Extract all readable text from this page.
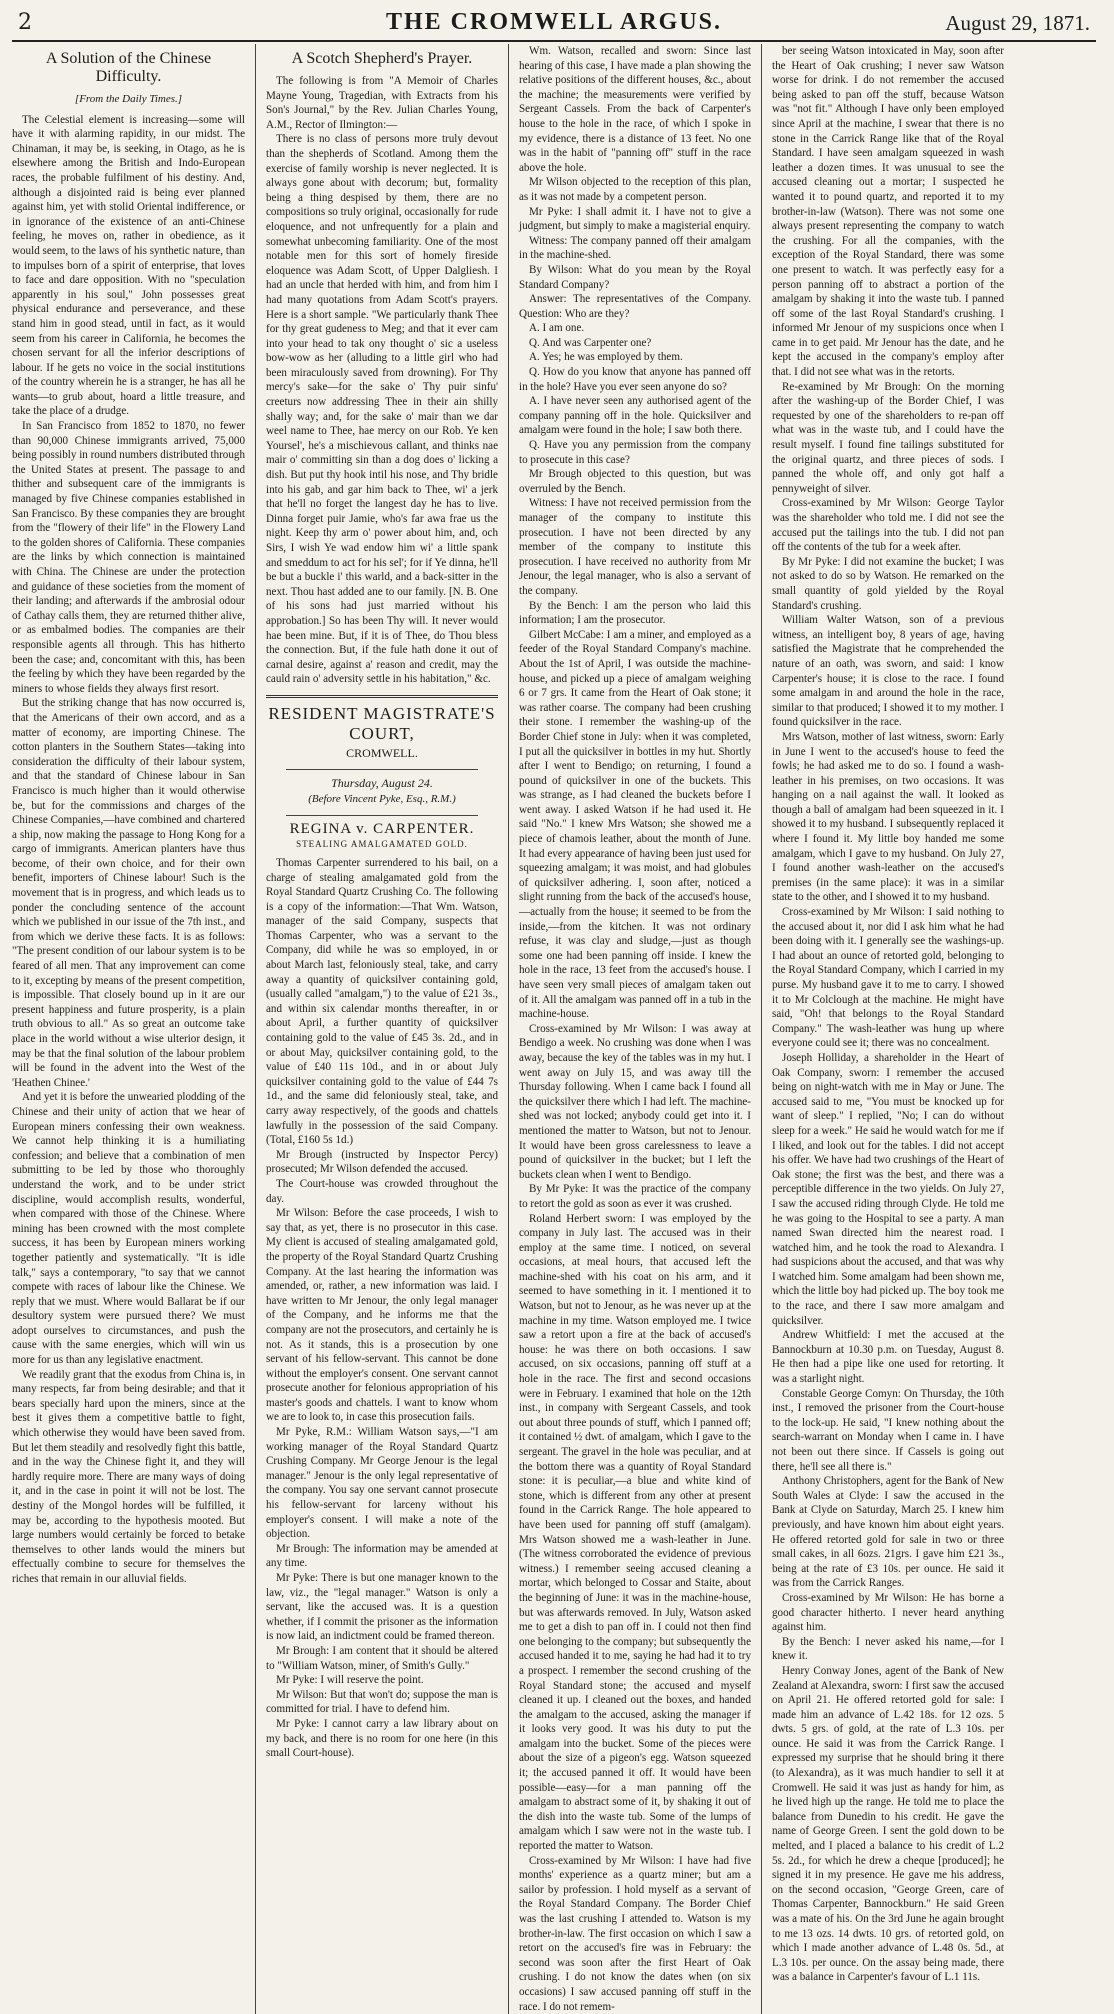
2	THE CROMWELL ARGUS.	August 29, 1871.
A Solution of the Chinese Difficulty.
[From the Daily Times.]

The Celestial element is increasing—some will have it with alarming rapidity, in our midst. The Chinaman, it may be, is seeking, in Otago, as he is elsewhere among the British and Indo-European races, the probable fulfilment of his destiny. And, although a disjointed raid is being ever planned against him, yet with stolid Oriental indifference, or in ignorance of the existence of an anti-Chinese feeling, he moves on, rather in obedience, as it would seem, to the laws of his synthetic nature, than to impulses born of a spirit of enterprise, that loves to face and dare opposition. With no "speculation apparently in his soul," John possesses great physical endurance and perseverance, and these stand him in good stead, until in fact, as it would seem from his career in California, he becomes the chosen servant for all the inferior descriptions of labour. If he gets no voice in the social institutions of the country wherein he is a stranger, he has all he wants—to grub about, hoard a little treasure, and take the place of a drudge.

In San Francisco from 1852 to 1870, no fewer than 90,000 Chinese immigrants arrived, 75,000 being possibly in round numbers distributed through the United States at present. The passage to and thither and subsequent care of the immigrants is managed by five Chinese companies established in San Francisco. By these companies they are brought from the "flowery of their life" in the Flowery Land to the golden shores of California. These companies are the links by which connection is maintained with China. The Chinese are under the protection and guidance of these societies from the moment of their landing; and afterwards if the ambrosial odour of Cathay calls them, they are returned thither alive, or as embalmed bodies. The companies are their responsible agents all through. This has hitherto been the case; and, concomitant with this, has been the feeling by which they have been regarded by the miners to whose fields they always first resort.

But the striking change that has now occurred is, that the Americans of their own accord, and as a matter of economy, are importing Chinese. The cotton planters in the Southern States—taking into consideration the difficulty of their labour system, and that the standard of Chinese labour in San Francisco is much higher than it would otherwise be, but for the commissions and charges of the Chinese Companies,—have combined and chartered a ship, now making the passage to Hong Kong for a cargo of immigrants. American planters have thus become, of their own choice, and for their own benefit, importers of Chinese labour! Such is the movement that is in progress, and which leads us to ponder the concluding sentence of the account which we published in our issue of the 7th inst., and from which we derive these facts. It is as follows: "The present condition of our labour system is to be feared of all men. That any improvement can come to it, excepting by means of the present competition, is impossible. That closely bound up in it are our present happiness and future prosperity, is a plain truth obvious to all." As so great an outcome take place in the world without a wise ulterior design, it may be that the final solution of the labour problem will be found in the advent into the West of the 'Heathen Chinee.'

And yet it is before the unwearied plodding of the Chinese and their unity of action that we hear of European miners confessing their own weakness. We cannot help thinking it is a humiliating confession; and believe that a combination of men submitting to be led by those who thoroughly understand the work, and to be under strict discipline, would accomplish results, wonderful, when compared with those of the Chinese. Where mining has been crowned with the most complete success, it has been by European miners working together patiently and systematically. "It is idle talk," says a contemporary, "to say that we cannot compete with races of labour like the Chinese. We reply that we must. Where would Ballarat be if our desultory system were pursued there? We must adopt ourselves to circumstances, and push the cause with the same energies, which will win us more for us than any legislative enactment.

We readily grant that the exodus from China is, in many respects, far from being desirable; and that it bears specially hard upon the miners, since at the best it gives them a competitive battle to fight, which otherwise they would have been saved from. But let them steadily and resolvedly fight this battle, and in the way the Chinese fight it, and they will hardly require more. There are many ways of doing it, and in the case in point it will not be lost. The destiny of the Mongol hordes will be fulfilled, it may be, according to the hypothesis mooted. But large numbers would certainly be forced to betake themselves to other lands would the miners but effectually combine to secure for themselves the riches that remain in our alluvial fields.

A Scotch Shepherd's Prayer.

The following is from "A Memoir of Charles Mayne Young, Tragedian, with Extracts from his Son's Journal," by the Rev. Julian Charles Young, A.M., Rector of Ilmington:—

There is no class of persons more truly devout than the shepherds of Scotland. Among them the exercise of family worship is never neglected. It is always gone about with decorum; but, formality being a thing despised by them, there are no compositions so truly original, occasionally for rude eloquence, and not unfrequently for a plain and somewhat unbecoming familiarity. One of the most notable men for this sort of homely fireside eloquence was Adam Scott, of Upper Dalgliesh. I had an uncle that herded with him, and from him I had many quotations from Adam Scott's prayers. Here is a short sample. "We particularly thank Thee for thy great gudeness to Meg; and that it ever cam into your head to tak ony thought o' sic a useless bow-wow as her (alluding to a little girl who had been miraculously saved from drowning). For Thy mercy's sake—for the sake o' Thy puir sinfu' creeturs now addressing Thee in their ain shilly shally way; and, for the sake o' mair than we dar weel name to Thee, hae mercy on our Rob. Ye ken Yoursel', he's a mischievous callant, and thinks nae mair o' committing sin than a dog does o' licking a dish. But put thy hook intil his nose, and Thy bridle into his gab, and gar him back to Thee, wi' a jerk that he'll no forget the langest day he has to live. Dinna forget puir Jamie, who's far awa frae us the night. Keep thy arm o' power about him, and, och Sirs, I wish Ye wad endow him wi' a little spank and smeddum to act for his sel'; for if Ye dinna, he'll be but a buckle i' this warld, and a back-sitter in the next. Thou hast added ane to our family. [N. B. One of his sons had just married without his approbation.] So has been Thy will. It never would hae been mine. But, if it is of Thee, do Thou bless the connection. But, if the fule hath done it out of carnal desire, against a' reason and credit, may the cauld rain o' adversity settle in his habitation," &c.

RESIDENT MAGISTRATE'S COURT,
CROMWELL.
Thursday, August 24.
(Before Vincent Pyke, Esq., R.M.)
REGINA v. CARPENTER.
STEALING AMALGAMATED GOLD.

Thomas Carpenter surrendered to his bail, on a charge of stealing amalgamated gold from the Royal Standard Quartz Crushing Co. The following is a copy of the information:—That Wm. Watson, manager of the said Company, suspects that Thomas Carpenter, who was a servant to the Company, did while he was so employed, in or about March last, feloniously steal, take, and carry away a quantity of quicksilver containing gold, (usually called "amalgam,") to the value of £21 3s., and within six calendar months thereafter, in or about April, a further quantity of quicksilver containing gold to the value of £45 3s. 2d., and in or about May, quicksilver containing gold, to the value of £40 11s 10d., and in or about July quicksilver containing gold to the value of £44 7s 1d., and the same did feloniously steal, take, and carry away respectively, of the goods and chattels lawfully in the possession of the said Company. (Total, £160 5s 1d.)

Mr Brough (instructed by Inspector Percy) prosecuted; Mr Wilson defended the accused.

The Court-house was crowded throughout the day.

Mr Wilson: Before the case proceeds, I wish to say that, as yet, there is no prosecutor in this case. My client is accused of stealing amalgamated gold, the property of the Royal Standard Quartz Crushing Company. At the last hearing the information was amended, or, rather, a new information was laid. I have written to Mr Jenour, the only legal manager of the Company, and he informs me that the company are not the prosecutors, and certainly he is not. As it stands, this is a prosecution by one servant of his fellow-servant. This cannot be done without the employer's consent. One servant cannot prosecute another for felonious appropriation of his master's goods and chattels. I want to know whom we are to look to, in case this prosecution fails.

Mr Pyke, R.M.: William Watson says,—"I am working manager of the Royal Standard Quartz Crushing Company. Mr George Jenour is the legal manager." Jenour is the only legal representative of the company. You say one servant cannot prosecute his fellow-servant for larceny without his employer's consent. I will make a note of the objection.

Mr Brough: The information may be amended at any time.

Mr Pyke: There is but one manager known to the law, viz., the "legal manager." Watson is only a servant, like the accused was. It is a question whether, if I commit the prisoner as the information is now laid, an indictment could be framed thereon.

Mr Brough: I am content that it should be altered to "William Watson, miner, of Smith's Gully."

Mr Pyke: I will reserve the point.

Mr Wilson: But that won't do; suppose the man is committed for trial. I have to defend him.

Mr Pyke: I cannot carry a law library about on my back, and there is no room for one here (in this small Court-house).

Wm. Watson, recalled and sworn: Since last hearing of this case, I have made a plan showing the relative positions of the different houses, &c., about the machine; the measurements were verified by Sergeant Cassels. From the back of Carpenter's house to the hole in the race, of which I spoke in my evidence, there is a distance of 13 feet. No one was in the habit of "panning off" stuff in the race above the hole.

Mr Wilson objected to the reception of this plan, as it was not made by a competent person.

Mr Pyke: I shall admit it. I have not to give a judgment, but simply to make a magisterial enquiry.

Witness: The company panned off their amalgam in the machine-shed.

By Wilson: What do you mean by the Royal Standard Company?

Answer: The representatives of the Company. Question: Who are they?

A. I am one.

Q. And was Carpenter one?

A. Yes; he was employed by them.

Q. How do you know that anyone has panned off in the hole? Have you ever seen anyone do so?

A. I have never seen any authorised agent of the company panning off in the hole. Quicksilver and amalgam were found in the hole; I saw both there.

Q. Have you any permission from the company to prosecute in this case?

Mr Brough objected to this question, but was overruled by the Bench.

Witness: I have not received permission from the manager of the company to institute this prosecution. I have not been directed by any member of the company to institute this prosecution. I have received no authority from Mr Jenour, the legal manager, who is also a servant of the company.

By the Bench: I am the person who laid this information; I am the prosecutor.

Gilbert McCabe: I am a miner, and employed as a feeder of the Royal Standard Company's machine. About the 1st of April, I was outside the machine-house, and picked up a piece of amalgam weighing 6 or 7 grs. It came from the Heart of Oak stone; it was rather coarse. The company had been crushing their stone. I remember the washing-up of the Border Chief stone in July: when it was completed, I put all the quicksilver in bottles in my hut. Shortly after I went to Bendigo; on returning, I found a pound of quicksilver in one of the buckets. This was strange, as I had cleaned the buckets before I went away. I asked Watson if he had used it. He said "No." I knew Mrs Watson; she showed me a piece of chamois leather, about the month of June. It had every appearance of having been just used for squeezing amalgam; it was moist, and had globules of quicksilver adhering. I, soon after, noticed a slight running from the back of the accused's house,—actually from the house; it seemed to be from the inside,—from the kitchen. It was not ordinary refuse, it was clay and sludge,—just as though some one had been panning off inside. I knew the hole in the race, 13 feet from the accused's house. I have seen very small pieces of amalgam taken out of it. All the amalgam was panned off in a tub in the machine-house.

Cross-examined by Mr Wilson: I was away at Bendigo a week. No crushing was done when I was away, because the key of the tables was in my hut. I went away on July 15, and was away till the Thursday following. When I came back I found all the quicksilver there which I had left. The machine-shed was not locked; anybody could get into it. I mentioned the matter to Watson, but not to Jenour. It would have been gross carelessness to leave a pound of quicksilver in the bucket; but I left the buckets clean when I went to Bendigo.

By Mr Pyke: It was the practice of the company to retort the gold as soon as ever it was crushed.

Roland Herbert sworn: I was employed by the company in July last. The accused was in their employ at the same time. I noticed, on several occasions, at meal hours, that accused left the machine-shed with his coat on his arm, and it seemed to have something in it. I mentioned it to Watson, but not to Jenour, as he was never up at the machine in my time. Watson employed me. I twice saw a retort upon a fire at the back of accused's house: he was there on both occasions. I saw accused, on six occasions, panning off stuff at a hole in the race. The first and second occasions were in February. I examined that hole on the 12th inst., in company with Sergeant Cassels, and took out about three pounds of stuff, which I panned off; it contained ½ dwt. of amalgam, which I gave to the sergeant. The gravel in the hole was peculiar, and at the bottom there was a quantity of Royal Standard stone: it is peculiar,—a blue and white kind of stone, which is different from any other at present found in the Carrick Range. The hole appeared to have been used for panning off stuff (amalgam). Mrs Watson showed me a wash-leather in June. (The witness corroborated the evidence of previous witness.) I remember seeing accused cleaning a mortar, which belonged to Cossar and Staite, about the beginning of June: it was in the machine-house, but was afterwards removed. In July, Watson asked me to get a dish to pan off in. I could not then find one belonging to the company; but subsequently the accused handed it to me, saying he had had it to try a prospect. I remember the second crushing of the Royal Standard stone; the accused and myself cleaned it up. I cleaned out the boxes, and handed the amalgam to the accused, asking the manager if it looks very good. It was his duty to put the amalgam into the bucket. Some of the pieces were about the size of a pigeon's egg. Watson squeezed it; the accused panned it off. It would have been possible—easy—for a man panning off the amalgam to abstract some of it, by shaking it out of the dish into the waste tub. Some of the lumps of amalgam which I saw were not in the waste tub. I reported the matter to Watson.

Cross-examined by Mr Wilson: I have had five months' experience as a quartz miner; but am a sailor by profession. I hold myself as a servant of the Royal Standard Company. The Border Chief was the last crushing I attended to. Watson is my brother-in-law. The first occasion on which I saw a retort on the accused's fire was in February: the second was soon after the first Heart of Oak crushing. I do not know the dates when (on six occasions) I saw accused panning off stuff in the race. I do not remem-

ber seeing Watson intoxicated in May, soon after the Heart of Oak crushing; I never saw Watson worse for drink. I do not remember the accused being asked to pan off the stuff, because Watson was "not fit." Although I have only been employed since April at the machine, I swear that there is no stone in the Carrick Range like that of the Royal Standard. I have seen amalgam squeezed in wash leather a dozen times. It was unusual to see the accused cleaning out a mortar; I suspected he wanted it to pound quartz, and reported it to my brother-in-law (Watson). There was not some one always present representing the company to watch the crushing. For all the companies, with the exception of the Royal Standard, there was some one present to watch. It was perfectly easy for a person panning off to abstract a portion of the amalgam by shaking it into the waste tub. I panned off some of the last Royal Standard's crushing. I informed Mr Jenour of my suspicions once when I came in to get paid. Mr Jenour has the date, and he kept the accused in the company's employ after that. I did not see what was in the retorts.

Re-examined by Mr Brough: On the morning after the washing-up of the Border Chief, I was requested by one of the shareholders to re-pan off what was in the waste tub, and I could have the result myself. I found fine tailings substituted for the original quartz, and three pieces of sods. I panned the whole off, and only got half a pennyweight of silver.

Cross-examined by Mr Wilson: George Taylor was the shareholder who told me. I did not see the accused put the tailings into the tub. I did not pan off the contents of the tub for a week after.

By Mr Pyke: I did not examine the bucket; I was not asked to do so by Watson. He remarked on the small quantity of gold yielded by the Royal Standard's crushing.

William Walter Watson, son of a previous witness, an intelligent boy, 8 years of age, having satisfied the Magistrate that he comprehended the nature of an oath, was sworn, and said: I know Carpenter's house; it is close to the race. I found some amalgam in and around the hole in the race, similar to that produced; I showed it to my mother. I found quicksilver in the race.

Mrs Watson, mother of last witness, sworn: Early in June I went to the accused's house to feed the fowls; he had asked me to do so. I found a wash-leather in his premises, on two occasions. It was hanging on a nail against the wall. It looked as though a ball of amalgam had been squeezed in it. I showed it to my husband. I subsequently replaced it where I found it. My little boy handed me some amalgam, which I gave to my husband. On July 27, I found another wash-leather on the accused's premises (in the same place): it was in a similar state to the other, and I showed it to my husband.

Cross-examined by Mr Wilson: I said nothing to the accused about it, nor did I ask him what he had been doing with it. I generally see the washings-up. I had about an ounce of retorted gold, belonging to the Royal Standard Company, which I carried in my purse. My husband gave it to me to carry. I showed it to Mr Colclough at the machine. He might have said, "Oh! that belongs to the Royal Standard Company." The wash-leather was hung up where everyone could see it; there was no concealment.

Joseph Holliday, a shareholder in the Heart of Oak Company, sworn: I remember the accused being on night-watch with me in May or June. The accused said to me, "You must be knocked up for want of sleep." I replied, "No; I can do without sleep for a week." He said he would watch for me if I liked, and look out for the tables. I did not accept his offer. We have had two crushings of the Heart of Oak stone; the first was the best, and there was a perceptible difference in the two yields. On July 27, I saw the accused riding through Clyde. He told me he was going to the Hospital to see a party. A man named Swan directed him the nearest road. I watched him, and he took the road to Alexandra. I had suspicions about the accused, and that was why I watched him. Some amalgam had been shown me, which the little boy had picked up. The boy took me to the race, and there I saw more amalgam and quicksilver.

Andrew Whitfield: I met the accused at the Bannockburn at 10.30 p.m. on Tuesday, August 8. He then had a pipe like one used for retorting. It was a starlight night.

Constable George Comyn: On Thursday, the 10th inst., I removed the prisoner from the Court-house to the lock-up. He said, "I knew nothing about the search-warrant on Monday when I came in. I have not been out there since. If Cassels is going out there, he'll see all there is."

Anthony Christophers, agent for the Bank of New South Wales at Clyde: I saw the accused in the Bank at Clyde on Saturday, March 25. I knew him previously, and have known him about eight years. He offered retorted gold for sale in two or three small cakes, in all 6ozs. 21grs. I gave him £21 3s., being at the rate of £3 10s. per ounce. He said it was from the Carrick Ranges.

Cross-examined by Mr Wilson: He has borne a good character hitherto. I never heard anything against him.

By the Bench: I never asked his name,—for I knew it.

Henry Conway Jones, agent of the Bank of New Zealand at Alexandra, sworn: I first saw the accused on April 21. He offered retorted gold for sale: I made him an advance of L.42 18s. for 12 ozs. 5 dwts. 5 grs. of gold, at the rate of L.3 10s. per ounce. He said it was from the Carrick Range. I expressed my surprise that he should bring it there (to Alexandra), as it was much handier to sell it at Cromwell. He said it was just as handy for him, as he lived high up the range. He told me to place the balance from Dunedin to his credit. He gave the name of George Green. I sent the gold down to be melted, and I placed a balance to his credit of L.2 5s. 2d., for which he drew a cheque [produced]; he signed it in my presence. He gave me his address, on the second occasion, "George Green, care of Thomas Carpenter, Bannockburn." He said Green was a mate of his. On the 3rd June he again brought to me 13 ozs. 14 dwts. 10 grs. of retorted gold, on which I made another advance of L.48 0s. 5d., at L.3 10s. per ounce. On the assay being made, there was a balance in Carpenter's favour of L.1 11s.
